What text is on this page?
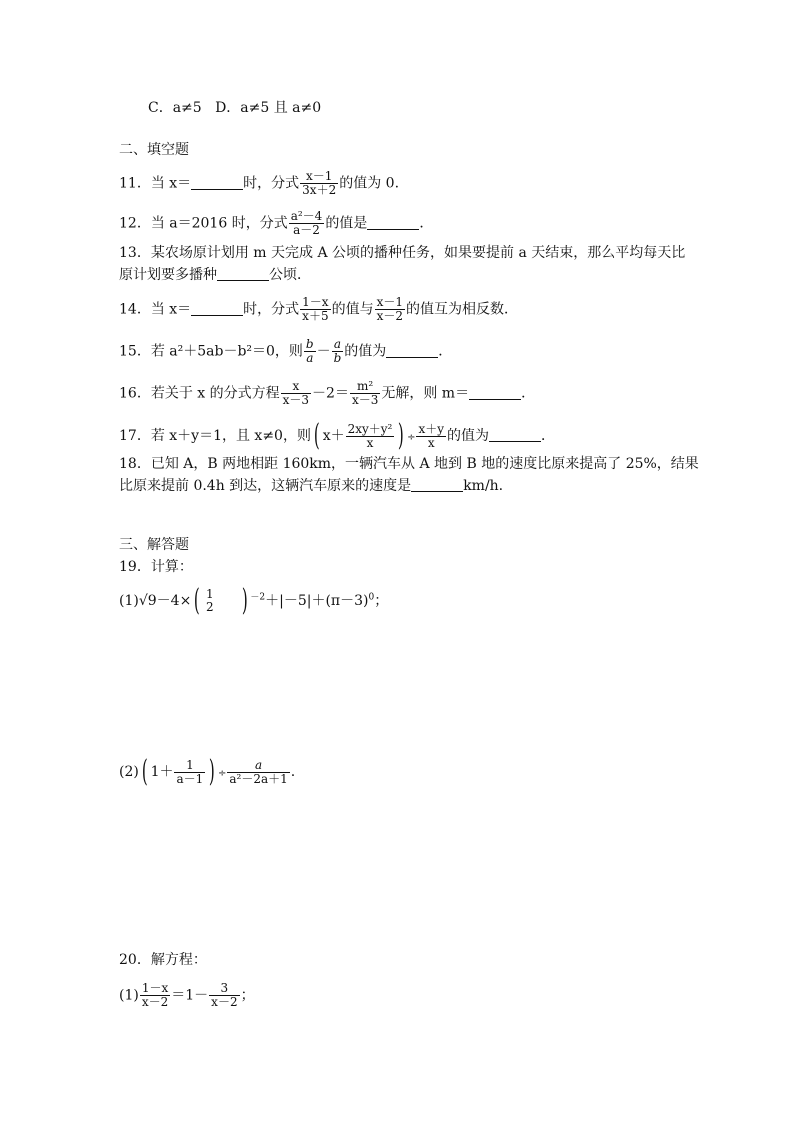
C．a≠5 D．a≠5 且 a≠0
二、填空题
11．当 x＝	时，分式 $\frac{x-1}{3x+2}$ 的值为 0.
12．当 a＝2016 时，分式 $\frac{\text{a²－4}}{a-2}$ 的值是	．
13．某农场原计划用 m 天完成 A 公顷的播种任务，如果要提前 a 天结束，那么平均每天比
原计划要多播种	公顷．
14．当 x＝	时，分式 $\frac{1-x}{x+5}$ 的值与 $\frac{x-1}{x-2}$ 的值互为相反数．
15．若 a²＋5ab－b²＝0，则 $\frac{b}{a} - \frac{a}{b}$ 的值为	．
16．若关于 x 的分式方程 $\frac{x}{x-3} -2= \frac{\text{m²}}{x-3}$ 无解，则 m＝	．
17．若 x＋y＝1，且 x≠0，则( $x+ \frac{\text{2xy＋y²}}{x}$ ) ÷ $\frac{x+y}{x}$ 的值为	．
18．已知 A，B 两地相距 160km，一辆汽车从 A 地到 B 地的速度比原来提高了 25%，结果
比原来提前 0.4h 到达，这辆汽车原来的速度是	km/h.
三、解答题
19．计算：
(1)√9－4×( 1
2 ) $^{-2}+|-5|+(\pi-3)^0$；
(2)( $1+ \frac{1}{a-1}$ ) ÷ $\frac{a}{\text{a²－2a＋1}}$ .
20．解方程：
$(1) \frac{1-x}{x-2} =1- \frac{3}{x-2}$ ；
